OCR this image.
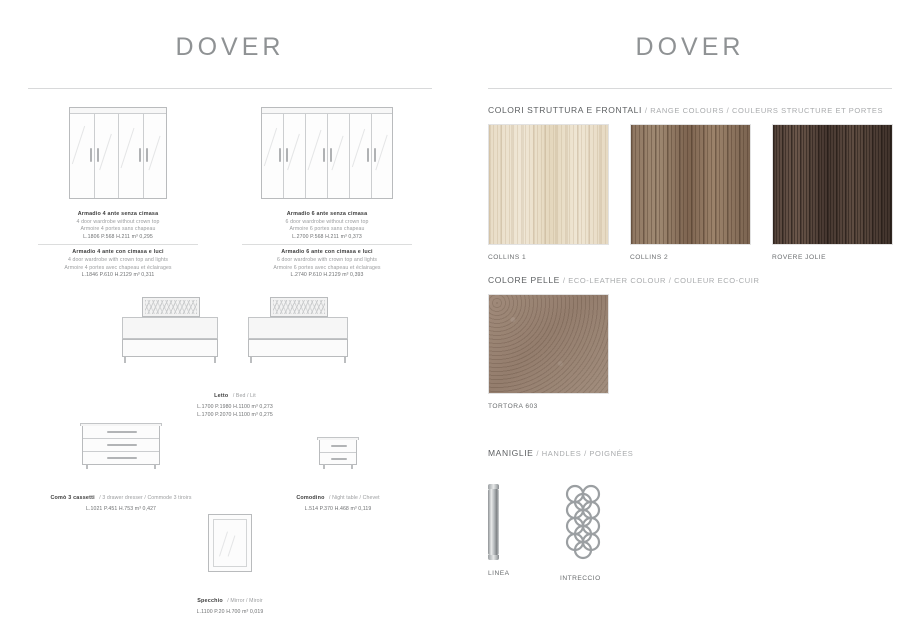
DOVER
Armadio 4 ante senza cimasa
4 door wardrobe without crown top
Armoire 4 portes sans chapeau
L.1806 P.568 H.211 m³ 0,295
Armadio 4 ante con cimasa e luci
4 door wardrobe with crown top and lights
Armoire 4 portes avec chapeau et éclairages
L.1846 P.610 H.2129 m³ 0,311
Armadio 6 ante senza cimasa
6 door wardrobe without crown top
Armoire 6 portes sans chapeau
L.2700 P.568 H.211 m³ 0,373
Armadio 6 ante con cimasa e luci
6 door wardrobe with crown top and lights
Armoire 6 portes avec chapeau et éclairages
L.2740 P.610 H.2129 m³ 0,393
Letto / Bed / Lit
L.1700 P.1980 H.1100 m³ 0,273
L.1700 P.2070 H.1100 m³ 0,275
Comò 3 cassetti / 3 drawer dresser / Commode 3 tiroirs
L.1021 P.451 H.753 m³ 0,427
Comodino / Night table / Chevet
L.514 P.370 H.468 m³ 0,119
Specchio / Mirror / Miroir
L.1100 P.20 H.700 m³ 0,019
DOVER
COLORI STRUTTURA E FRONTALI / RANGE COLOURS / COULEURS STRUCTURE ET PORTES
COLLINS 1	COLLINS 2	ROVERE JOLIE
COLORE PELLE / ECO-LEATHER COLOUR / COULEUR ECO-CUIR
TORTORA 603
MANIGLIE / HANDLES / POIGNÉES
LINEA
INTRECCIO
